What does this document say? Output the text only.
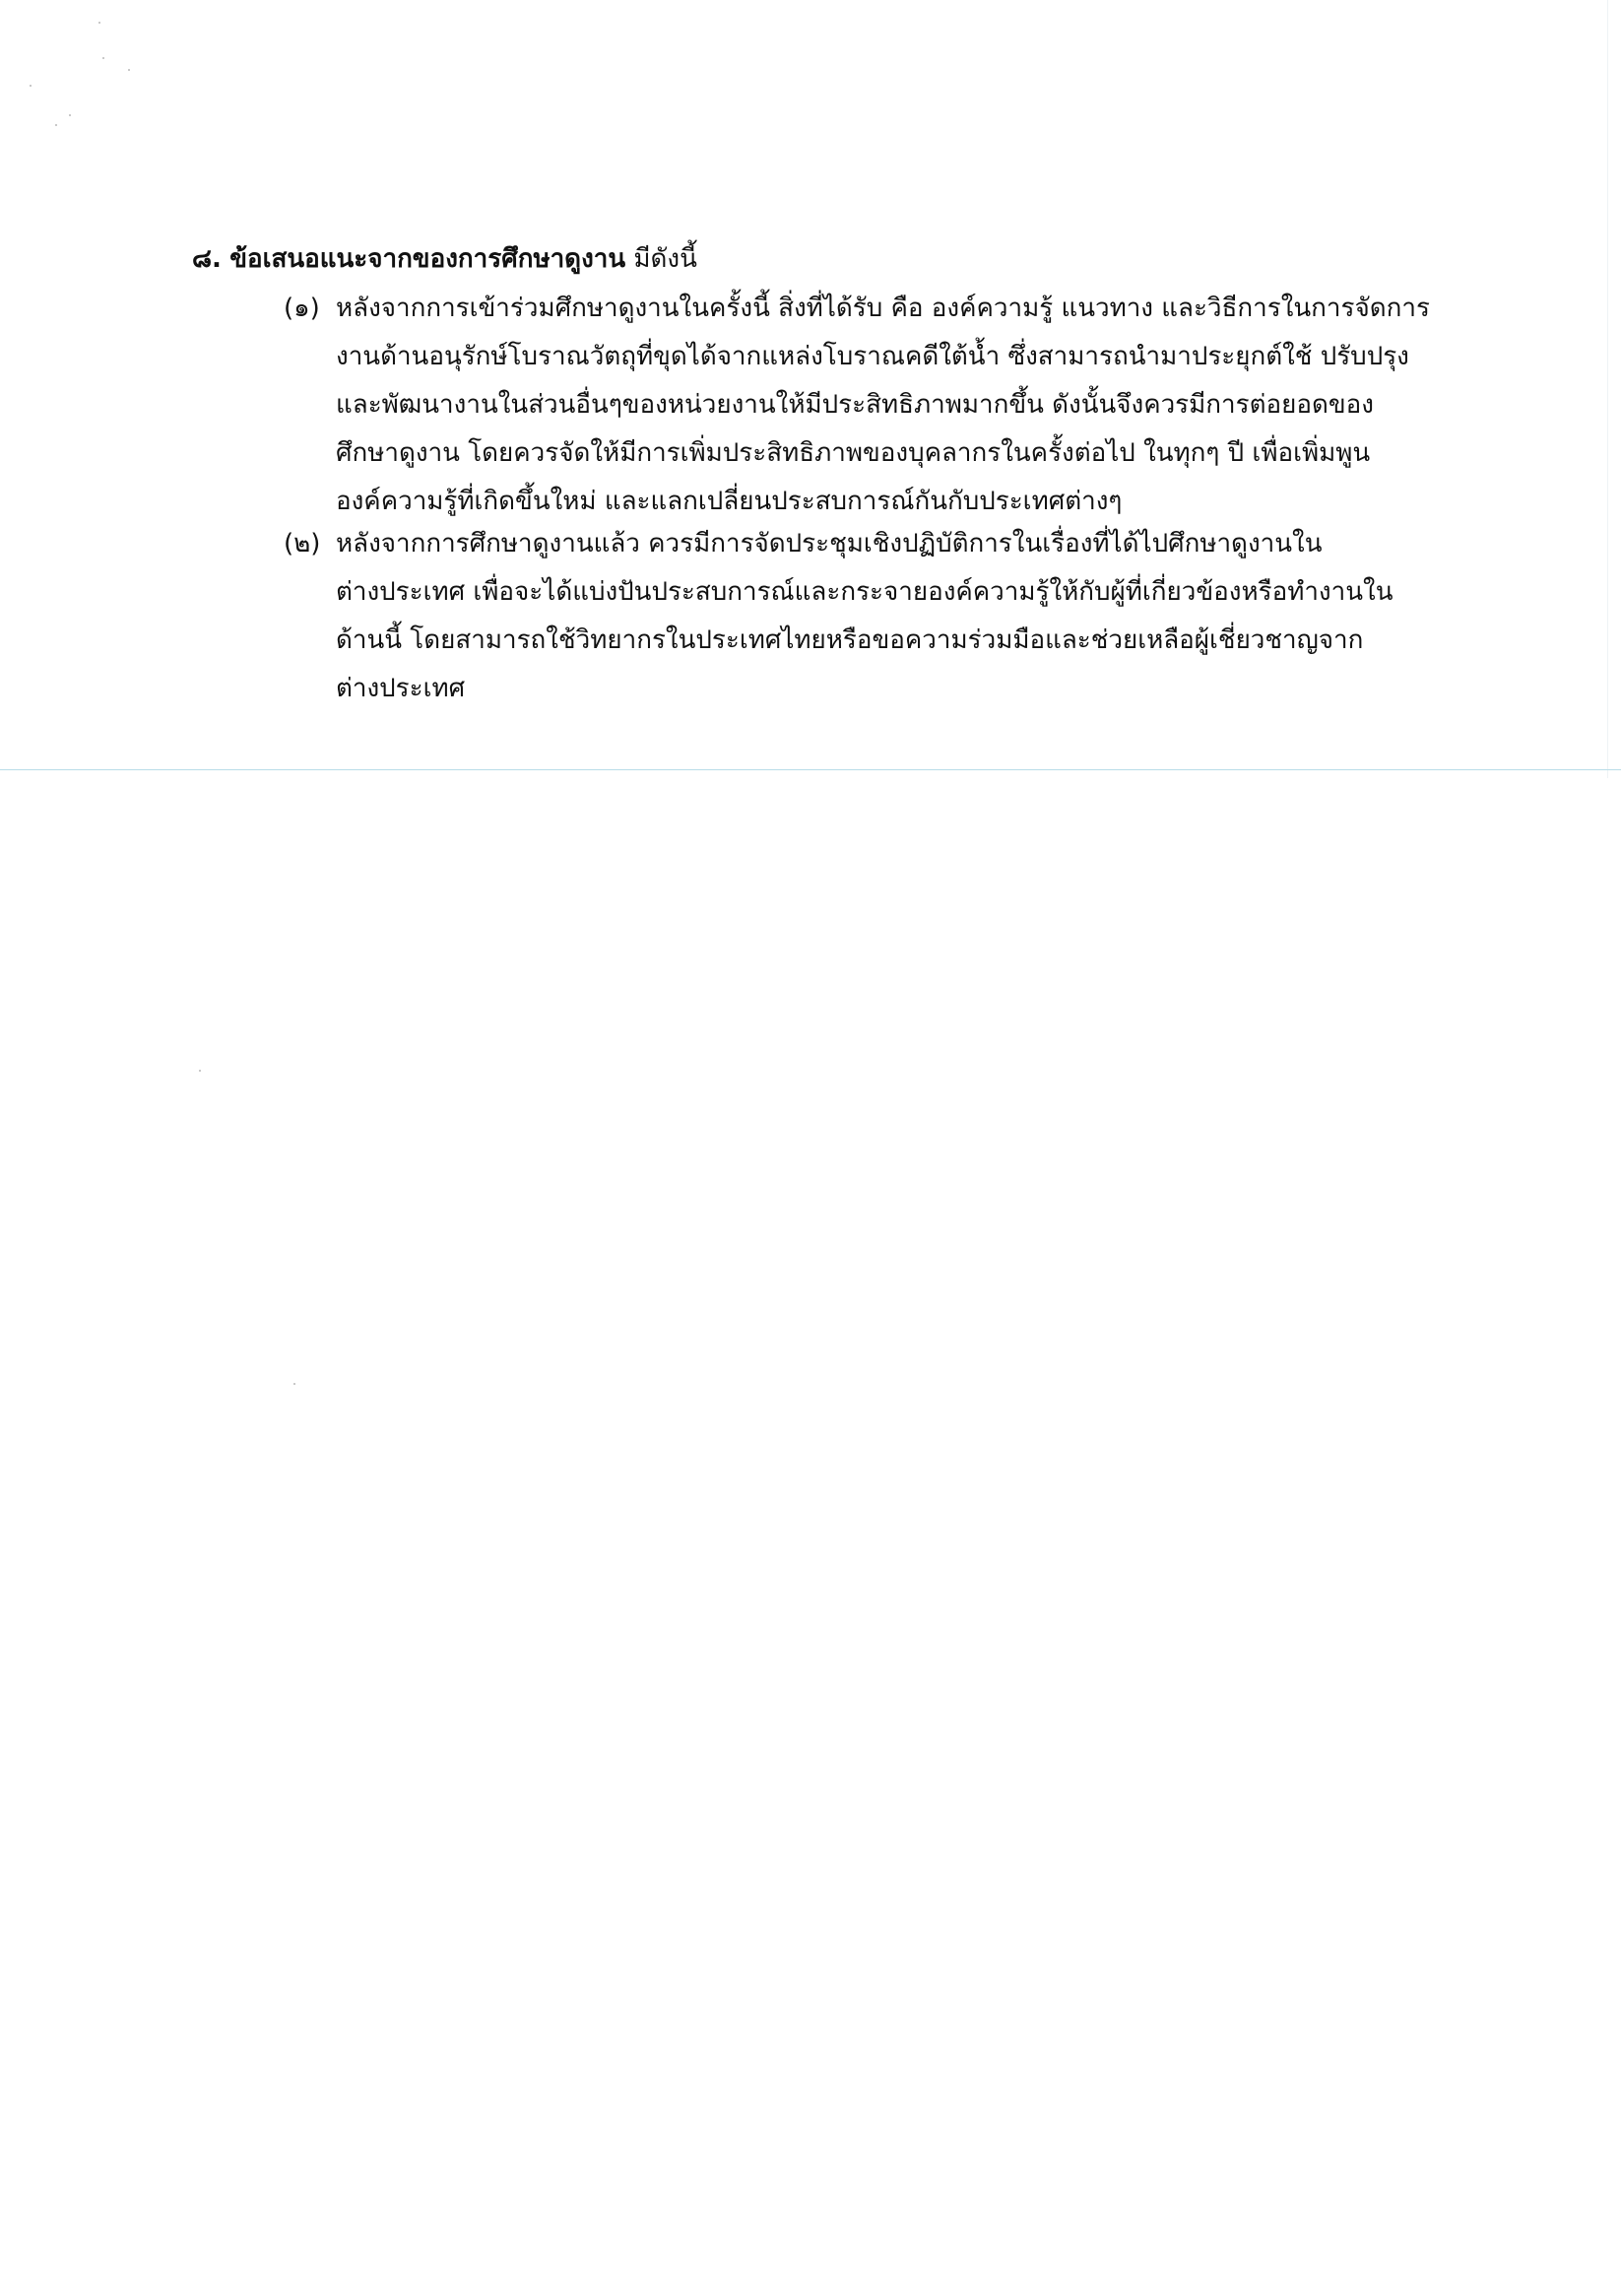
๘. ข้อเสนอแนะจากของการศึกษาดูงาน มีดังนี้
(๑) หลังจากการเข้าร่วมศึกษาดูงานในครั้งนี้ สิ่งที่ได้รับ คือ องค์ความรู้ แนวทาง และวิธีการในการจัดการ
งานด้านอนุรักษ์โบราณวัตถุที่ขุดได้จากแหล่งโบราณคดีใต้น้ำ ซึ่งสามารถนำมาประยุกต์ใช้ ปรับปรุง
และพัฒนางานในส่วนอื่นๆของหน่วยงานให้มีประสิทธิภาพมากขึ้น ดังนั้นจึงควรมีการต่อยอดของ
ศึกษาดูงาน โดยควรจัดให้มีการเพิ่มประสิทธิภาพของบุคลากรในครั้งต่อไป ในทุกๆ ปี เพื่อเพิ่มพูน
องค์ความรู้ที่เกิดขึ้นใหม่ และแลกเปลี่ยนประสบการณ์กันกับประเทศต่างๆ
(๒) หลังจากการศึกษาดูงานแล้ว ควรมีการจัดประชุมเชิงปฏิบัติการในเรื่องที่ได้ไปศึกษาดูงานใน
ต่างประเทศ เพื่อจะได้แบ่งปันประสบการณ์และกระจายองค์ความรู้ให้กับผู้ที่เกี่ยวข้องหรือทำงานใน
ด้านนี้ โดยสามารถใช้วิทยากรในประเทศไทยหรือขอความร่วมมือและช่วยเหลือผู้เชี่ยวชาญจาก
ต่างประเทศ
